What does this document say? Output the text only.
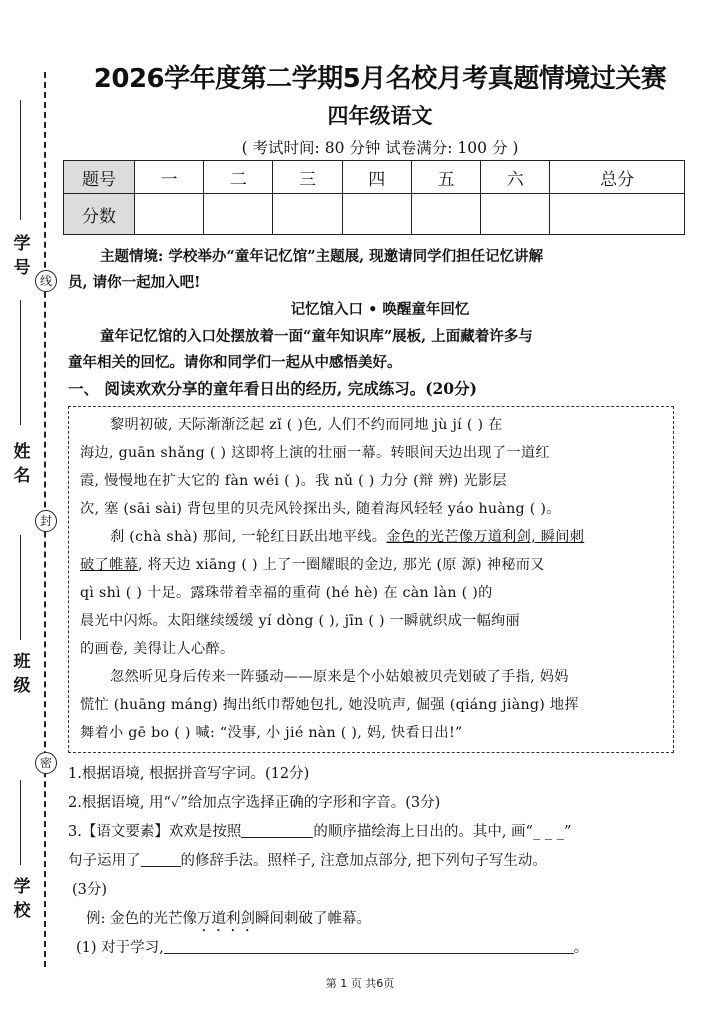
线
封
密
学 号
姓 名
班 级
学 校
2026学年度第二学期5月名校月考真题情境过关赛
四年级语文
( 考试时间: 80 分钟 试卷满分: 100 分 )
题号	一	二	三	四	五	六	总分
分数							
主题情境: 学校举办“童年记忆馆”主题展, 现邀请同学们担任记忆讲解
员, 请你一起加入吧!
记忆馆入口 • 唤醒童年回忆
童年记忆馆的入口处摆放着一面“童年知识库”展板, 上面藏着许多与
童年相关的回忆。请你和同学们一起从中感悟美好。
一、 阅读欢欢分享的童年看日出的经历, 完成练习。(20分)
黎明初破, 天际渐渐泛起 zǐ ( )色, 人们不约而同地 jù jí ( ) 在
海边, guān shǎng ( ) 这即将上演的壮丽一幕。转眼间天边出现了一道红
霞, 慢慢地在扩大它的 fàn wéi ( )。我 nǔ ( ) 力分 (辩 辨) 光影层
次, 塞 (sāi sài) 背包里的贝壳风铃探出头, 随着海风轻轻 yáo huàng ( )。
刹 (chà shà) 那间, 一轮红日跃出地平线。金色的光芒像万道利剑, 瞬间刺
破了帷幕, 将天边 xiāng ( ) 上了一圈耀眼的金边, 那光 (原 源) 神秘而又
qì shì ( ) 十足。露珠带着幸福的重荷 (hé hè) 在 càn làn ( )的
晨光中闪烁。太阳继续缓缓 yí dòng ( ), jīn ( ) 一瞬就织成一幅绚丽
的画卷, 美得让人心醉。
忽然听见身后传来一阵骚动——原来是个小姑娘被贝壳划破了手指, 妈妈
慌忙 (huāng máng) 掏出纸巾帮她包扎, 她没吭声, 倔强 (qiáng jiàng) 地挥
舞着小 gē bo ( ) 喊: “没事, 小 jié nàn ( ), 妈, 快看日出!”
1.根据语境, 根据拼音写字词。(12分)
2.根据语境, 用“✓”给加点字选择正确的字形和字音。(3分)
3.【语文要素】欢欢是按照	的顺序描绘海上日出的。其中, 画“_ _ _”
句子运用了	的修辞手法。照样子, 注意加点部分, 把下列句子写生动。
(3分)
例: 金色的光芒像万道利剑瞬间刺破了帷幕。
(1) 对于学习,	。
第 1 页 共6页
